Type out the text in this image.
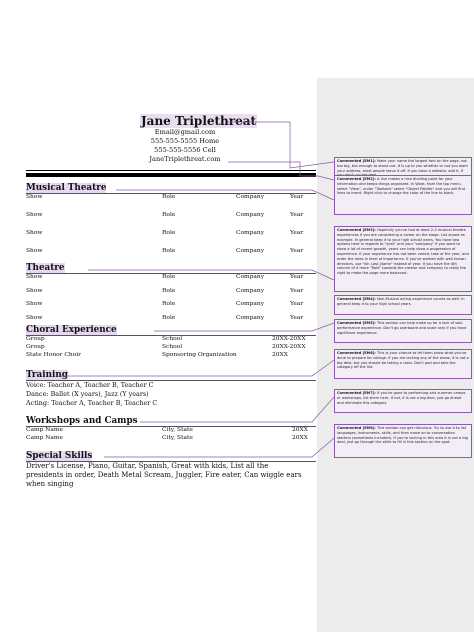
Jane Triplethreat
Email@gmail.com
555-555-5555 Home
555-555-5556 Cell
JaneTriplethreat.com
Musical Theatre
Show	Role	Company	Year
Show	Role	Company	Year
Show	Role	Company	Year
Show	Role	Company	Year
Theatre
Show	Role	Company	Year
Show	Role	Company	Year
Show	Role	Company	Year
Show	Role	Company	Year
Choral Experience
Group	School	20XX-20XX
Group	School	20XX-20XX
State Honor Choir	Sponsoring Organization	20XX
Training
Voice: Teacher A, Teacher B, Teacher C
Dance: Ballet (X years), Jazz (Y years)
Acting: Teacher A, Teacher B, Teacher C
Workshops and Camps
Camp Name	City, State	20XX
Camp Name	City, State	20XX
Special Skills
Driver's License, Piano, Guitar, Spanish, Great with kids, List all the presidents in order, Death Metal Scream, Juggler, Fire eater, Can wiggle ears when singing
Commented [EM1]: Make your name the largest font on the page, not too big, but enough to stand out. It is up to you whether or not you want your address, most people leave it off. If you have a website, add it, if
Commented [EM2]: A line makes a nice dividing point for your information and keeps things organized. In Word, from the top menu, select "View", under "Toolbars" select "Object Palette" and you will find lines to insert. Right click to change the color of the line to black.
Commented [EM3]: Hopefully you've had at least 2-3 musical theatre experiences if you are considering a career on the stage. List shows as example. In general keep it to your high school years. You have two options here in regards to "year" and your "company" If you want to show a lot of recent growth, years can help show a progression of experience. If your experience has not been varied, take of the year, and order the roles in level of importance. If you've worked with well known directors, use "dir. Last_Name" instead of year. If you have the 4th column of it more "Role" towards the creator and company to really the right to make the page more balanced.
Commented [EM4]: Non-Musical acting experience counts as well. In general keep it to your high school years.
Commented [EM5]: This section can help make up for a lack of solo performance experience. Don't go overboard and scale only if you have significant experience.
Commented [EM6]: This is your chance to let them know what you've done to prepare for college. If you are lacking any of the areas, it is not a big deal, but you should be taking a class. Don't pad and take the category off the list.
Commented [EM7]: If you've gone to performing arts summer camps or workshops, list them here. If not, it is not a big deal, just go ahead and eliminate this category.
Commented [EM8]: This section can get ridiculous. Try to use it to list languages, instruments, skills, and then move on to conversation starters (sometimes included). If you're lacking in this area it is not a big deal, just go through the skills to fill in this section on the spot.
